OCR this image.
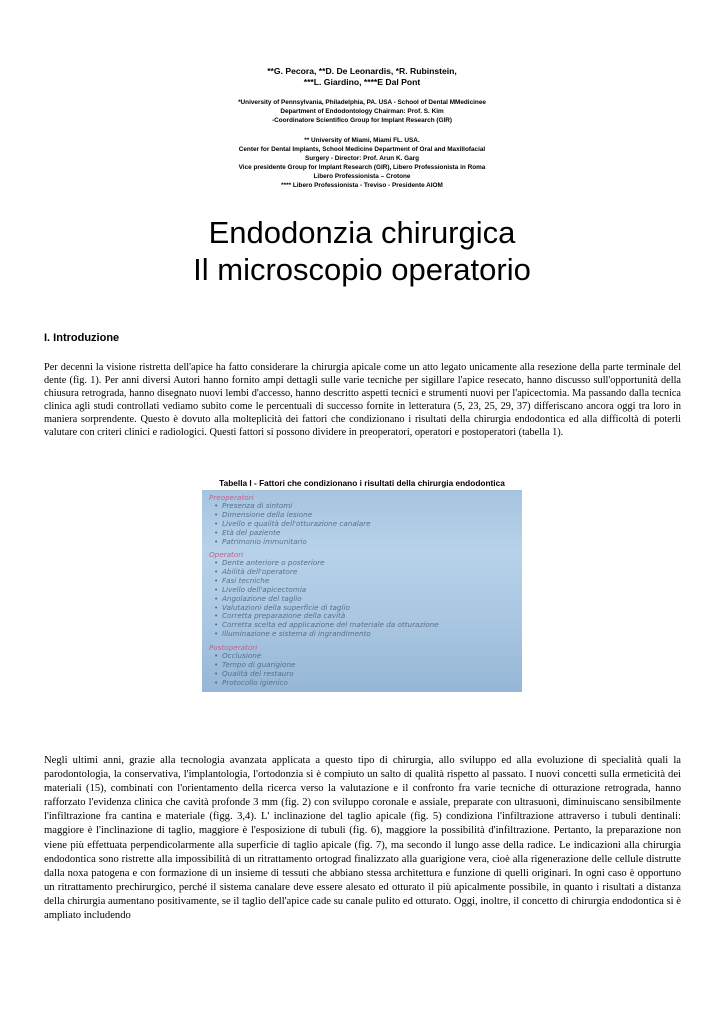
**G. Pecora, **D. De Leonardis, *R. Rubinstein,
***L. Giardino, ****E Dal Pont
*University of Pennsylvania, Philadelphia, PA. USA - School of Dental MMedicinee
Department of Endodontology Chairman: Prof. S. Kim
-Coordinatore Scientifico Group for Implant Research (GIR)
** University of Miami, Miami FL. USA.
Center for Dental Implants, School Medicine Department of Oral and Maxillofacial
Surgery - Director: Prof. Arun K. Garg
Vice presidente Group for Implant Research (GIR), Libero Professionista in Roma
Libero Professionista – Crotone
**** Libero Professionista - Treviso - Presidente AIOM
Endodonzia chirurgica
Il microscopio operatorio
I. Introduzione

Per decenni la visione ristretta dell'apice ha fatto considerare la chirurgia apicale come un atto legato unicamente alla resezione della parte terminale del dente (fig. 1). Per anni diversi Autori hanno fornito ampi dettagli sulle varie tecniche per sigillare l'apice resecato, hanno discusso sull'opportunità della chiusura retrograda, hanno disegnato nuovi lembi d'accesso, hanno descritto aspetti tecnici e strumenti nuovi per l'apicectomia. Ma passando dalla tecnica clinica agli studi controllati vediamo subito come le percentuali di successo fornite in letteratura (5, 23, 25, 29, 37) differiscano ancora oggi tra loro in maniera sorprendente. Questo è dovuto alla molteplicità dei fattori che condizionano i risultati della chirurgia endodontica ed alla difficoltà di poterli valutare con criteri clinici e radiologici. Questi fattori si possono dividere in preoperatori, operatori e postoperatori (tabella 1).

Tabella I - Fattori che condizionano i risultati della chirurgia endodontica
Preoperatori
• Presenza di sintomi
• Dimensione della lesione
• Livello e qualità dell'otturazione canalare
• Età del paziente
• Patrimonio immunitario
Operatori
• Dente anteriore o posteriore
• Abilità dell'operatore
• Fasi tecniche
• Livello dell'apicectomia
• Angolazione del taglio
• Valutazioni della superficie di taglio
• Corretta preparazione della cavità
• Corretta scelta ed applicazione del materiale da otturazione
• Illuminazione e sistema di ingrandimento
Postoperatori
• Occlusione
• Tempo di guarigione
• Qualità del restauro
• Protocollo igienico

Negli ultimi anni, grazie alla tecnologia avanzata applicata a questo tipo di chirurgia, allo sviluppo ed alla evoluzione di specialità quali la parodontologia, la conservativa, l'implantologia, l'ortodonzia si è compiuto un salto di qualità rispetto al passato. I nuovi concetti sulla ermeticità dei materiali (15), combinati con l'orientamento della ricerca verso la valutazione e il confronto fra varie tecniche di otturazione retrograda, hanno rafforzato l'evidenza clinica che cavità profonde 3 mm (fig. 2) con sviluppo coronale e assiale, preparate con ultrasuoni, diminuiscano sensibilmente l'infiltrazione fra cantina e materiale (figg. 3,4). L' inclinazione del taglio apicale (fig. 5) condiziona l'infiltrazione attraverso i tubuli dentinali: maggiore è l'inclinazione di taglio, maggiore è l'esposizione di tubuli (fig. 6), maggiore la possibilità d'infiltrazione. Pertanto, la preparazione non viene più effettuata perpendicolarmente alla superficie di taglio apicale (fig. 7), ma secondo il lungo asse della radice. Le indicazioni alla chirurgia endodontica sono ristrette alla impossibilità di un ritrattamento ortograd finalizzato alla guarigione vera, cioè alla rigenerazione delle cellule distrutte dalla noxa patogena e con formazione di un insieme di tessuti che abbiano stessa architettura e funzione di quelli originari. In ogni caso è opportuno un ritrattamento prechirurgico, perché il sistema canalare deve essere alesato ed otturato il più apicalmente possibile, in quanto i risultati a distanza della chirurgia aumentano positivamente, se il taglio dell'apice cade su canale pulito ed otturato. Oggi, inoltre, il concetto di chirurgia endodontica si è ampliato includendo
